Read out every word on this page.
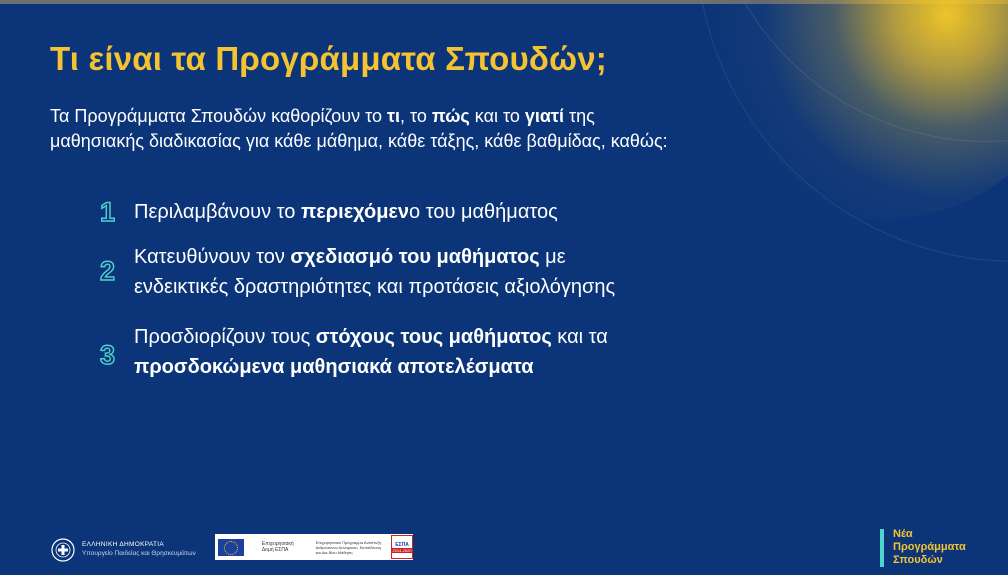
Τι είναι τα Προγράμματα Σπουδών;
Τα Προγράμματα Σπουδών καθορίζουν το τι, το πώς και το γιατί της
μαθησιακής διαδικασίας για κάθε μάθημα, κάθε τάξης, κάθε βαθμίδας, καθώς:
1 Περιλαμβάνουν το περιεχόμενο του μαθήματος
2 Κατευθύνουν τον σχεδιασμό του μαθήματος με
ενδεικτικές δραστηριότητες και προτάσεις αξιολόγησης
3
Προσδιορίζουν τους στόχους τους μαθήματος και τα
προσδοκώμενα μαθησιακά αποτελέσματα
ΕΛΛΗΝΙΚΗ ΔΗΜΟΚΡΑΤΙΑ
Υπουργείο Παιδείας και Θρησκευμάτων
Επιχειρησιακή Δομή ΕΣΠΑ
Επιχειρησιακό Πρόγραμμα Ανάπτυξη Ανθρώπινου Δυναμικού, Εκπαίδευση και Δια Βίου Μάθηση
ΕΣΠΑ
2014-2020
Νέα
Προγράμματα
Σπουδών
